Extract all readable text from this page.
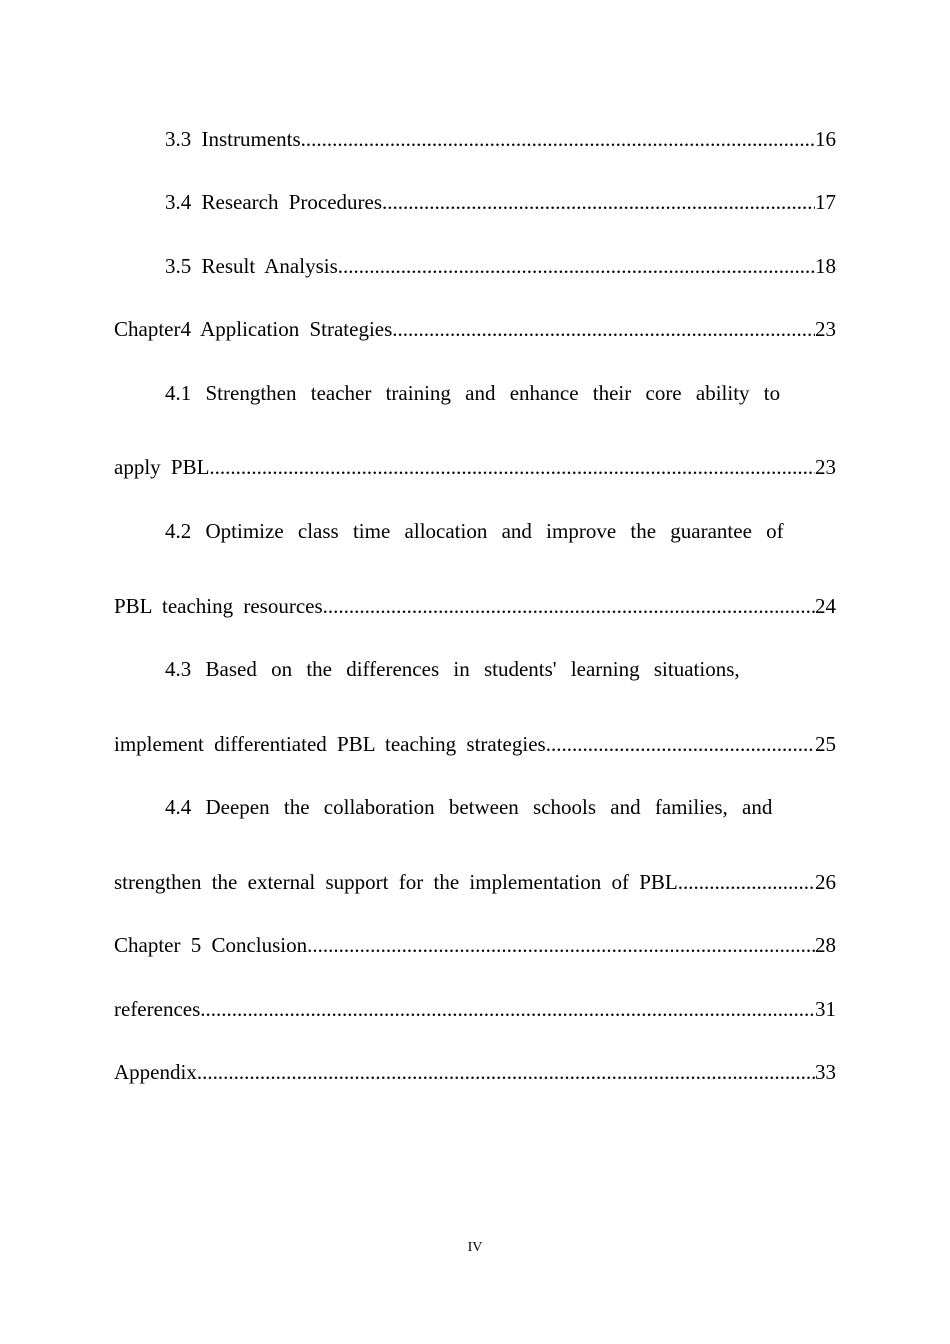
3.3 Instruments .....	16
3.4 Research Procedures .....	17
3.5 Result Analysis .....	18
Chapter4 Application Strategies .....	23
4.1 Strengthen teacher training and enhance their core ability to
apply PBL .....	23
4.2 Optimize class time allocation and improve the guarantee of
PBL teaching resources .....	24
4.3 Based on the differences in students' learning situations,
implement differentiated PBL teaching strategies .....	25
4.4 Deepen the collaboration between schools and families, and
strengthen the external support for the implementation of PBL .....	26
Chapter 5 Conclusion .....	28
references .....	31
Appendix .....	33
IV
